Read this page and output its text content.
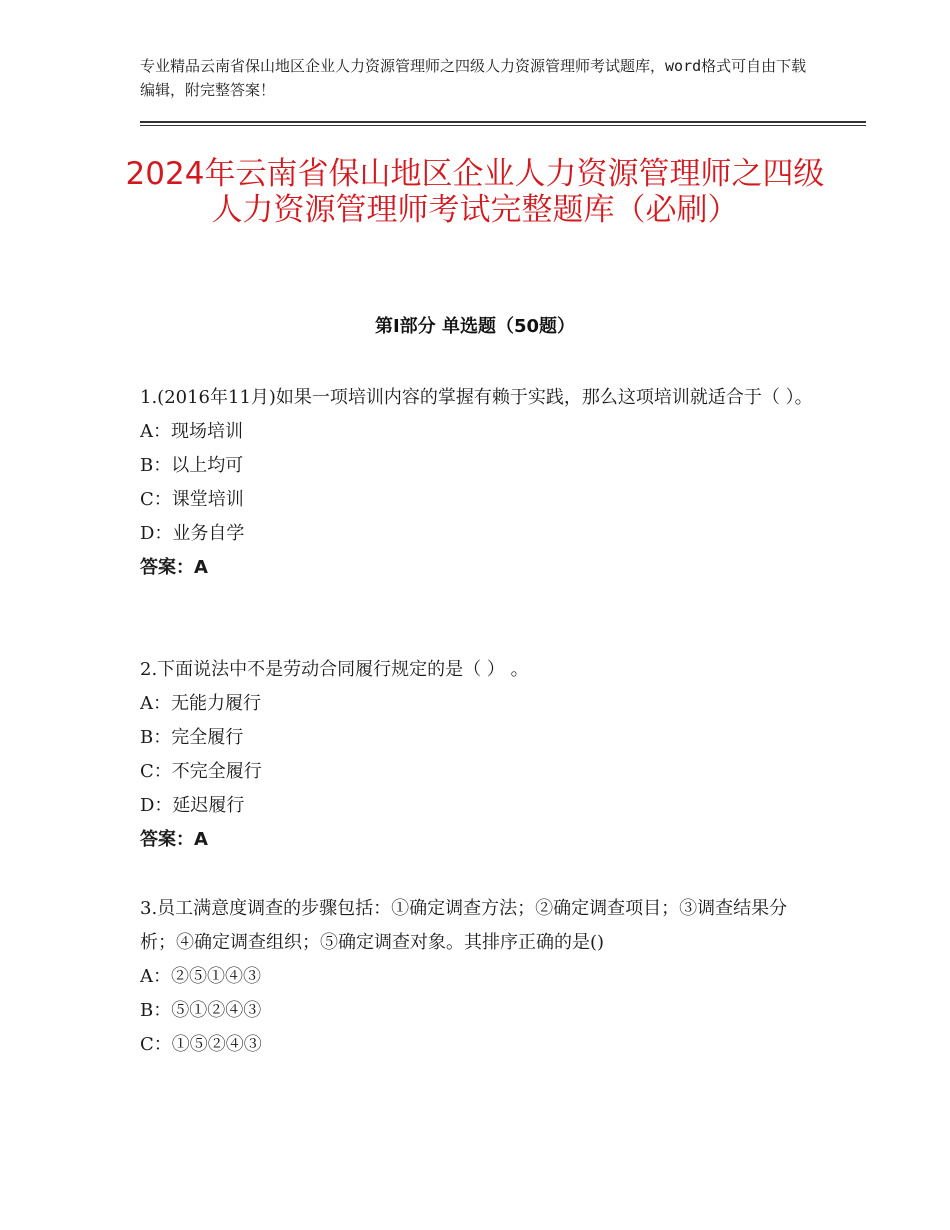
专业精品云南省保山地区企业人力资源管理师之四级人力资源管理师考试题库，word格式可自由下载编辑，附完整答案！
2024年云南省保山地区企业人力资源管理师之四级人力资源管理师考试完整题库（必刷）
第Ⅰ部分 单选题（50题）
1.(2016年11月)如果一项培训内容的掌握有赖于实践，那么这项培训就适合于（ ）。
A：现场培训
B：以上均可
C：课堂培训
D：业务自学
答案：A
2.下面说法中不是劳动合同履行规定的是（ ） 。
A：无能力履行
B：完全履行
C：不完全履行
D：延迟履行
答案：A
3.员工满意度调查的步骤包括：①确定调查方法；②确定调查项目；③调查结果分析；④确定调查组织；⑤确定调查对象。其排序正确的是()
A：②⑤①④③
B：⑤①②④③
C：①⑤②④③
